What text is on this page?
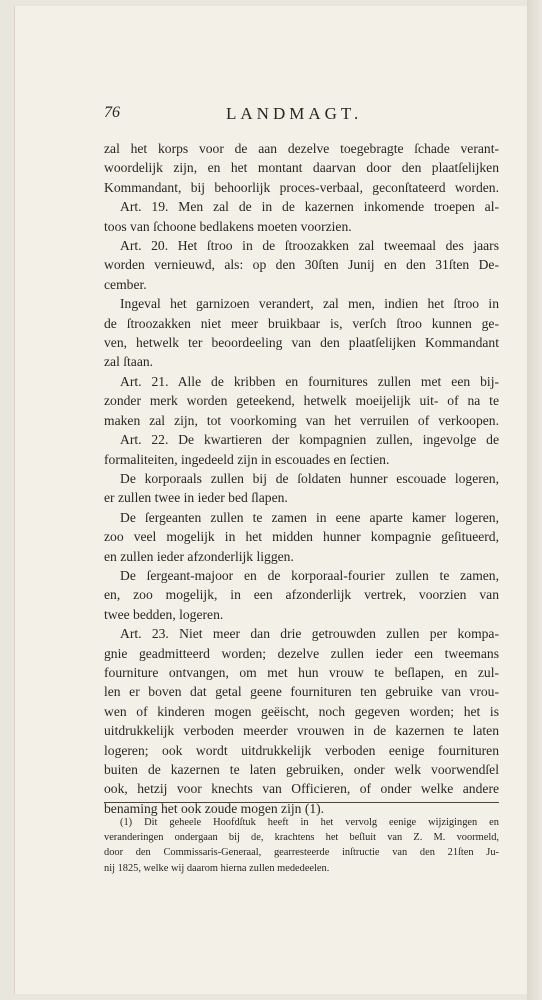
76	LANDMAGT.
zal het korps voor de aan dezelve toegebragte ſchade verant-
woordelijk zijn, en het montant daarvan door den plaatſelijken
Kommandant, bij behoorlijk proces-verbaal, geconſtateerd worden.
Art. 19. Men zal de in de kazernen inkomende troepen al-
toos van ſchoone bedlakens moeten voorzien.
Art. 20. Het ſtroo in de ſtroozakken zal tweemaal des jaars
worden vernieuwd, als: op den 30ſten Junij en den 31ſten De-
cember.
Ingeval het garnizoen verandert, zal men, indien het ſtroo in
de ſtroozakken niet meer bruikbaar is, verſch ſtroo kunnen ge-
ven, hetwelk ter beoordeeling van den plaatſelijken Kommandant
zal ſtaan.
Art. 21. Alle de kribben en fournitures zullen met een bij-
zonder merk worden geteekend, hetwelk moeijelijk uit- of na te
maken zal zijn, tot voorkoming van het verruilen of verkoopen.
Art. 22. De kwartieren der kompagnien zullen, ingevolge de
formaliteiten, ingedeeld zijn in escouades en ſectien.
De korporaals zullen bij de ſoldaten hunner escouade logeren,
er zullen twee in ieder bed ſlapen.
De ſergeanten zullen te zamen in eene aparte kamer logeren,
zoo veel mogelijk in het midden hunner kompagnie geſitueerd,
en zullen ieder afzonderlijk liggen.
De ſergeant-majoor en de korporaal-fourier zullen te zamen,
en, zoo mogelijk, in een afzonderlijk vertrek, voorzien van
twee bedden, logeren.
Art. 23. Niet meer dan drie getrouwden zullen per kompa-
gnie geadmitteerd worden; dezelve zullen ieder een tweemans
fourniture ontvangen, om met hun vrouw te beſlapen, en zul-
len er boven dat getal geene fournituren ten gebruike van vrou-
wen of kinderen mogen geëischt, noch gegeven worden; het is
uitdrukkelijk verboden meerder vrouwen in de kazernen te laten
logeren; ook wordt uitdrukkelijk verboden eenige fournituren
buiten de kazernen te laten gebruiken, onder welk voorwendſel
ook, hetzij voor knechts van Officieren, of onder welke andere
benaming het ook zoude mogen zijn (1).
(1) Dit geheele Hoofdſtuk heeft in het vervolg eenige wijzigingen en
veranderingen ondergaan bij de, krachtens het beſluit van Z. M. voormeld,
door den Commissaris-Generaal, gearresteerde inſtructie van den 21ſten Ju-
nij 1825, welke wij daarom hierna zullen mededeelen.
